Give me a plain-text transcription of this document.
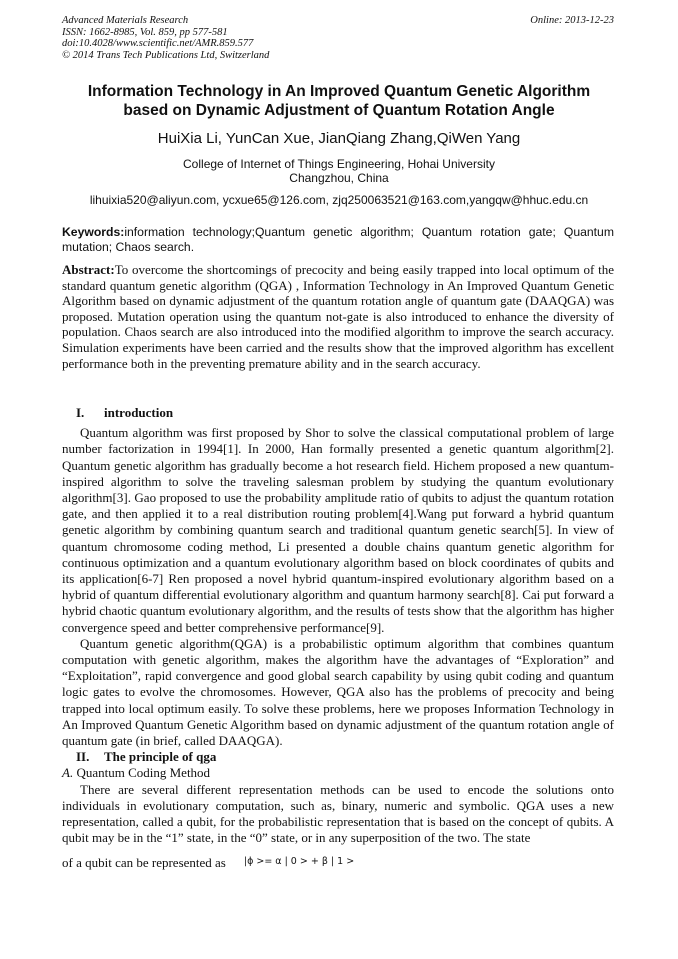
Advanced Materials Research
ISSN: 1662-8985, Vol. 859, pp 577-581
doi:10.4028/www.scientific.net/AMR.859.577
© 2014 Trans Tech Publications Ltd, Switzerland
Online: 2013-12-23
Information Technology in An Improved Quantum Genetic Algorithm
based on Dynamic Adjustment of Quantum Rotation Angle
HuiXia Li, YunCan Xue, JianQiang Zhang,QiWen Yang
College of Internet of Things Engineering, Hohai University
Changzhou, China
lihuixia520@aliyun.com, ycxue65@126.com, zjq250063521@163.com,yangqw@hhuc.edu.cn
Keywords:information technology;Quantum genetic algorithm; Quantum rotation gate; Quantum mutation; Chaos search.
Abstract:To overcome the shortcomings of precocity and being easily trapped into local optimum of the standard quantum genetic algorithm (QGA) , Information Technology in An Improved Quantum Genetic Algorithm based on dynamic adjustment of the quantum rotation angle of quantum gate (DAAQGA) was proposed. Mutation operation using the quantum not-gate is also introduced to enhance the diversity of population. Chaos search are also introduced into the modified algorithm to improve the search accuracy. Simulation experiments have been carried and the results show that the improved algorithm has excellent performance both in the preventing premature ability and in the search accuracy.

I. introduction

Quantum algorithm was first proposed by Shor to solve the classical computational problem of large number factorization in 1994[1]. In 2000, Han formally presented a genetic quantum algorithm[2]. Quantum genetic algorithm has gradually become a hot research field. Hichem proposed a new quantum-inspired algorithm to solve the traveling salesman problem by studying the quantum evolutionary algorithm[3]. Gao proposed to use the probability amplitude ratio of qubits to adjust the quantum rotation gate, and then applied it to a real distribution routing problem[4].Wang put forward a hybrid quantum genetic algorithm by combining quantum search and traditional quantum genetic search[5]. In view of quantum chromosome coding method, Li presented a double chains quantum genetic algorithm for continuous optimization and a quantum evolutionary algorithm based on block coordinates of qubits and its application[6-7] Ren proposed a novel hybrid quantum-inspired evolutionary algorithm based on a hybrid of quantum differential evolutionary algorithm and quantum harmony search[8]. Cai put forward a hybrid chaotic quantum evolutionary algorithm, and the results of tests show that the algorithm has higher convergence speed and better comprehensive performance[9].

Quantum genetic algorithm(QGA) is a probabilistic optimum algorithm that combines quantum computation with genetic algorithm, makes the algorithm have the advantages of “Exploration” and “Exploitation”, rapid convergence and good global search capability by using qubit coding and quantum logic gates to evolve the chromosomes. However, QGA also has the problems of precocity and being trapped into local optimum easily. To solve these problems, here we proposes Information Technology in An Improved Quantum Genetic Algorithm based on dynamic adjustment of the quantum rotation angle of quantum gate (in brief, called DAAQGA).

II. The principle of qga

A. Quantum Coding Method

There are several different representation methods can be used to encode the solutions onto individuals in evolutionary computation, such as, binary, numeric and symbolic. QGA uses a new representation, called a qubit, for the probabilistic representation that is based on the concept of qubits. A qubit may be in the “1” state, in the “0” state, or in any superposition of the two. The state

of a qubit can be represented as $^{|\phi >= \alpha | 0 > + \beta | 1 >}$
